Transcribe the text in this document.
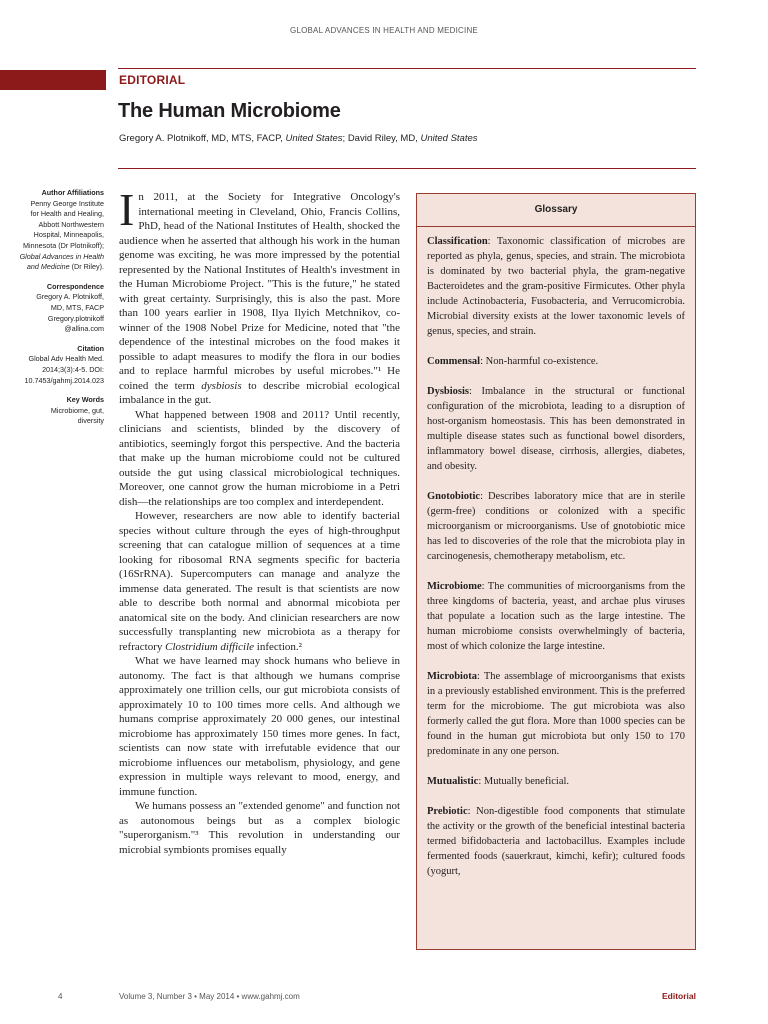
GLOBAL ADVANCES IN HEALTH AND MEDICINE
EDITORIAL
The Human Microbiome
Gregory A. Plotnikoff, MD, MTS, FACP, United States; David Riley, MD, United States
Author Affiliations
Penny George Institute
for Health and Healing,
Abbott Northwestern
Hospital, Minneapolis,
Minnesota (Dr Plotnikoff);
Global Advances in Health
and Medicine (Dr Riley).
Correspondence
Gregory A. Plotnikoff,
MD, MTS, FACP
Gregory.plotnikoff
@allina.com
Citation
Global Adv Health Med.
2014;3(3):4-5. DOI:
10.7453/gahmj.2014.023
Key Words
Microbiome, gut,
diversity

In 2011, at the Society for Integrative Oncology's international meeting in Cleveland, Ohio, Francis Collins, PhD, head of the National Institutes of Health, shocked the audience when he asserted that although his work in the human genome was exciting, he was more impressed by the potential represented by the National Institutes of Health's investment in the Human Microbiome Project. "This is the future," he stated with great certainty. Surprisingly, this is also the past. More than 100 years earlier in 1908, Ilya Ilyich Metchnikov, co-winner of the 1908 Nobel Prize for Medicine, noted that "the dependence of the intestinal microbes on the food makes it possible to adapt measures to modify the flora in our bodies and to replace harmful microbes by useful microbes."¹ He coined the term dysbiosis to describe microbial ecological imbalance in the gut.

What happened between 1908 and 2011? Until recently, clinicians and scientists, blinded by the discovery of antibiotics, seemingly forgot this perspective. And the bacteria that make up the human microbiome could not be cultured outside the gut using classical microbiological techniques. Moreover, one cannot grow the human microbiome in a Petri dish—the relationships are too complex and interdependent.

However, researchers are now able to identify bacterial species without culture through the eyes of high-throughput screening that can catalogue million of sequences at a time looking for ribosomal RNA segments specific for bacteria (16SrRNA). Supercomputers can manage and analyze the immense data generated. The result is that scientists are now able to describe both normal and abnormal micobiota per anatomical site on the body. And clinician researchers are now successfully transplanting new microbiota as a therapy for refractory Clostridium difficile infection.²

What we have learned may shock humans who believe in autonomy. The fact is that although we humans comprise approximately one trillion cells, our gut microbiota consists of approximately 10 to 100 times more cells. And although we humans comprise approximately 20 000 genes, our intestinal microbiome has approximately 150 times more genes. In fact, scientists can now state with irrefutable evidence that our microbiome influences our metabolism, physiology, and gene expression in multiple ways relevant to mood, energy, and immune function.

We humans possess an "extended genome" and function not as autonomous beings but as a complex biologic "superorganism."³ This revolution in understanding our microbial symbionts promises equally

Glossary
Classification: Taxonomic classification of microbes are reported as phyla, genus, species, and strain. The microbiota is dominated by two bacterial phyla, the gram-negative Bacteroidetes and the gram-positive Firmicutes. Other phyla include Actinobacteria, Fusobacteria, and Verrucomicrobia. Microbial diversity exists at the lower taxonomic levels of genus, species, and strain.
Commensal: Non-harmful co-existence.
Dysbiosis: Imbalance in the structural or functional configuration of the microbiota, leading to a disruption of host-organism homeostasis. This has been demonstrated in multiple disease states such as functional bowel disorders, inflammatory bowel disease, cirrhosis, allergies, diabetes, and obesity.
Gnotobiotic: Describes laboratory mice that are in sterile (germ-free) conditions or colonized with a specific microorganism or microorganisms. Use of gnotobiotic mice has led to discoveries of the role that the microbiota play in carcinogenesis, chemotherapy metabolism, etc.
Microbiome: The communities of microorganisms from the three kingdoms of bacteria, yeast, and archae plus viruses that populate a location such as the large intestine. The human microbiome consists overwhelmingly of bacteria, most of which colonize the large intestine.
Microbiota: The assemblage of microorganisms that exists in a previously established environment. This is the preferred term for the microbiome. The gut microbiota was also formerly called the gut flora. More than 1000 species can be found in the human gut microbiota but only 150 to 170 predominate in any one person.
Mutualistic: Mutually beneficial.
Prebiotic: Non-digestible food components that stimulate the activity or the growth of the beneficial intestinal bacteria termed bifidobacteria and lactobacillus. Examples include fermented foods (sauerkraut, kimchi, kefir); cultured foods (yogurt,
4	Volume 3, Number 3 • May 2014 • www.gahmj.com	Editorial
